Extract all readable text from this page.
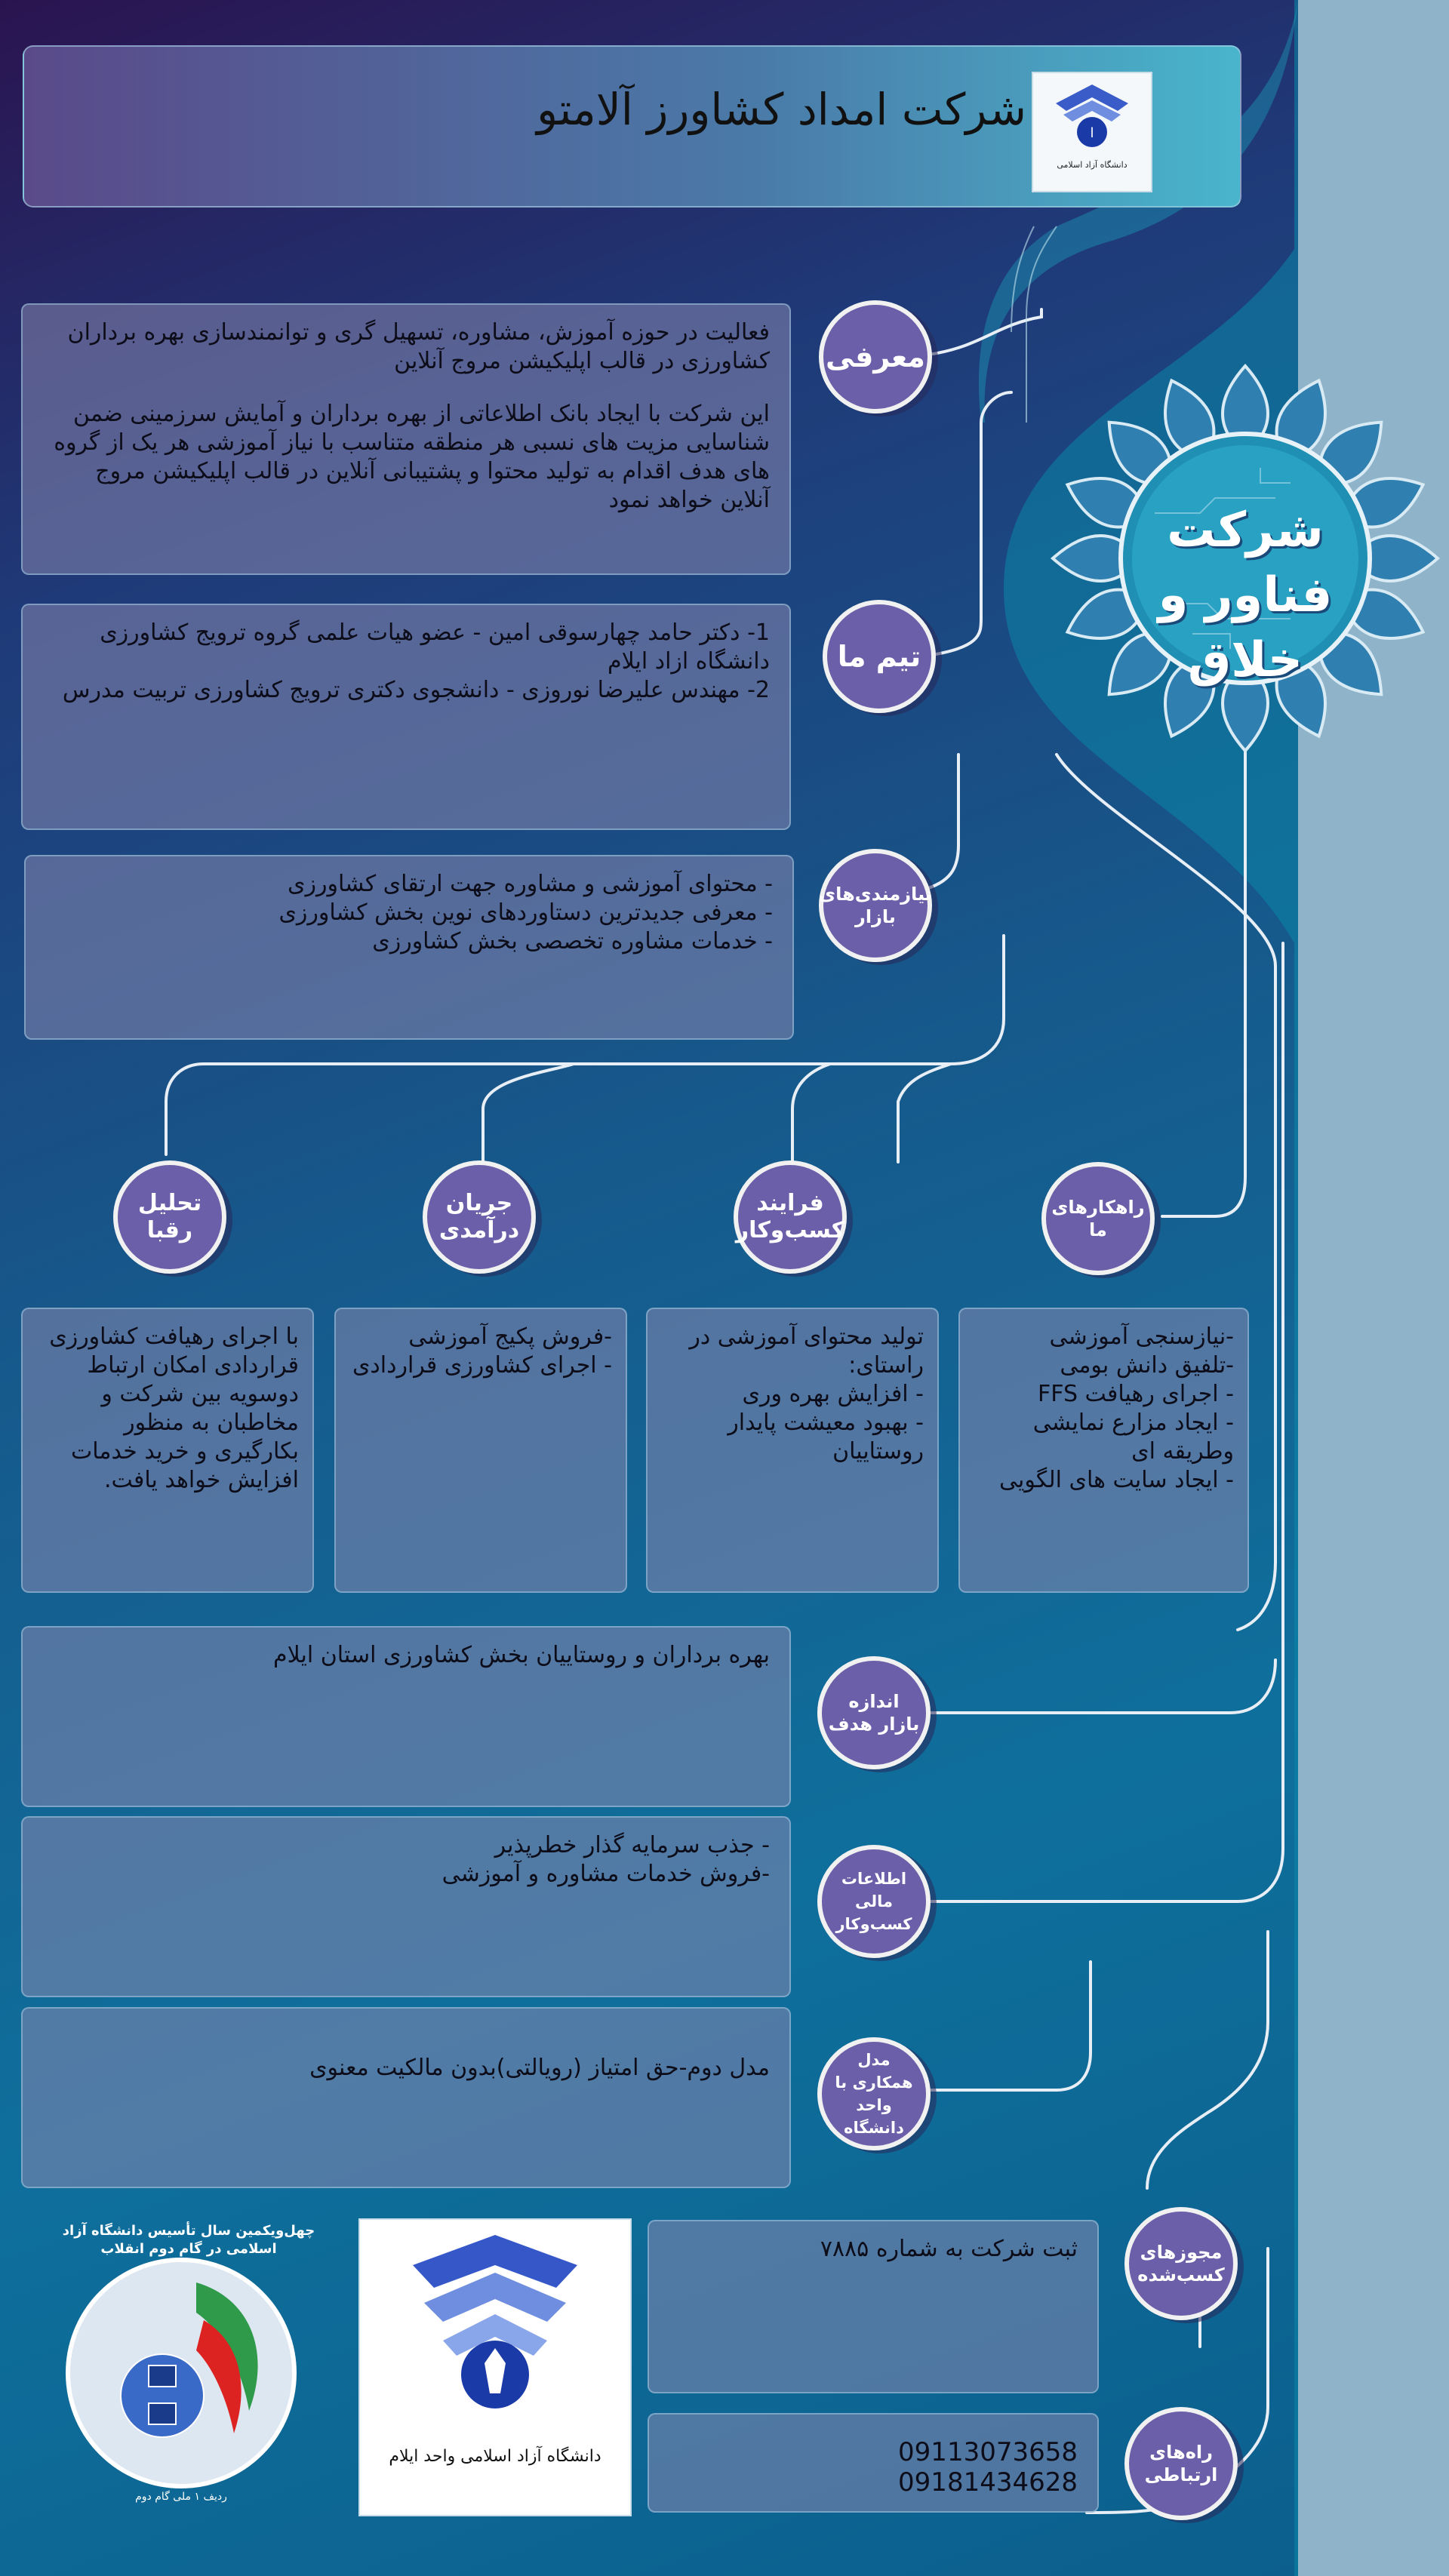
شرکت امداد کشاورز آلامتو	ا
دانشگاه آزاد اسلامی
شرکت فناور و خلاق

فعالیت در حوزه آموزش، مشاوره، تسهیل گری و توانمندسازی بهره برداران کشاورزی در قالب اپلیکیشن مروج آنلاین

این شرکت با ایجاد بانک اطلاعاتی از بهره برداران و آمایش سرزمینی ضمن شناسایی مزیت های نسبی هر منطقه متناسب با نیاز آموزشی هر یک از گروه های هدف اقدام به تولید محتوا و پشتیبانی آنلاین در قالب اپلیکیشن مروج آنلاین خواهد نمود

معرفی

1- دکتر حامد چهارسوقی امین - عضو هیات علمی گروه ترویج کشاورزی دانشگاه ازاد ایلام

2- مهندس علیرضا نوروزی - دانشجوی دکتری ترویج کشاورزی تربیت مدرس

تیم ما

- محتوای آموزشی و مشاوره جهت ارتقای کشاورزی

- معرفی جدیدترین دستاوردهای نوین بخش کشاورزی

- خدمات مشاوره تخصصی بخش کشاورزی

نیازمندی‌های بازار
راهکارهای ما
فرایند کسب‌وکار
جریان درآمدی
تحلیل رقبا

-نیازسنجی آموزشی

-تلفیق دانش بومی

- اجرای رهیافت FFS

- ایجاد مزارع نمایشی وطریقه ای

- ایجاد سایت های الگویی

تولید محتوای آموزشی در راستای:

- افزایش بهره وری

- بهبود معیشت پایدار روستاییان

-فروش پکیج آموزشی

- اجرای کشاورزی قراردادی

با اجرای رهیافت کشاورزی قراردادی امکان ارتباط دوسویه بین شرکت و مخاطبان به منظور بکارگیری و خرید خدمات افزایش خواهد یافت.

بهره برداران و روستاییان بخش کشاورزی استان ایلام

اندازه بازار هدف

- جذب سرمایه گذار خطرپذیر

-فروش خدمات مشاوره و آموزشی	اطلاعات مالی کسب‌وکار

مدل دوم-حق امتیاز (رویالتی)بدون مالکیت معنوی	مدل همکاری با واحد دانشگاه
ردیف ۱ ملی گام دوم
چهل‌ویکمین سال تأسیس دانشگاه آزاد اسلامی در گام دوم انقلاب
دانشگاه آزاد اسلامی واحد ایلام

ثبت شرکت به شماره ۷۸۸۵	مجوزهای کسب‌شده
09113073658
09181434628
راه‌های ارتباطی
